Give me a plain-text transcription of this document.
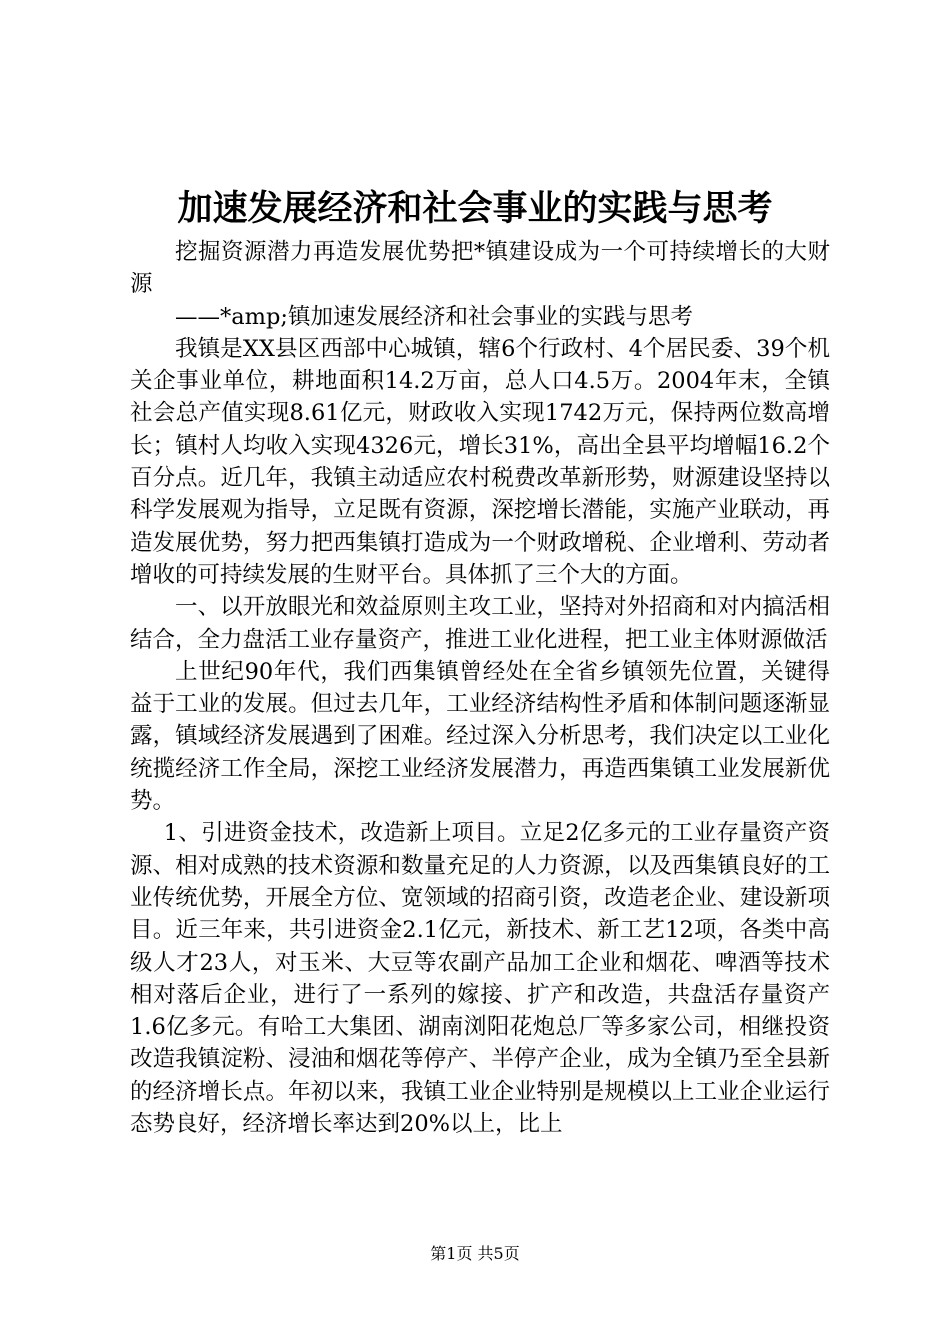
加速发展经济和社会事业的实践与思考

挖掘资源潜力再造发展优势把*镇建设成为一个可持续增长的大财源

——*amp;镇加速发展经济和社会事业的实践与思考

我镇是XX县区西部中心城镇，辖6个行政村、4个居民委、39个机关企事业单位，耕地面积14.2万亩，总人口4.5万。2004年末，全镇社会总产值实现8.61亿元，财政收入实现1742万元，保持两位数高增长；镇村人均收入实现4326元，增长31%，高出全县平均增幅16.2个百分点。近几年，我镇主动适应农村税费改革新形势，财源建设坚持以科学发展观为指导，立足既有资源，深挖增长潜能，实施产业联动，再造发展优势，努力把西集镇打造成为一个财政增税、企业增利、劳动者增收的可持续发展的生财平台。具体抓了三个大的方面。

一、以开放眼光和效益原则主攻工业，坚持对外招商和对内搞活相结合，全力盘活工业存量资产，推进工业化进程，把工业主体财源做活

上世纪90年代，我们西集镇曾经处在全省乡镇领先位置，关键得益于工业的发展。但过去几年，工业经济结构性矛盾和体制问题逐渐显露，镇域经济发展遇到了困难。经过深入分析思考，我们决定以工业化统揽经济工作全局，深挖工业经济发展潜力，再造西集镇工业发展新优势。

1、引进资金技术，改造新上项目。立足2亿多元的工业存量资产资源、相对成熟的技术资源和数量充足的人力资源，以及西集镇良好的工业传统优势，开展全方位、宽领域的招商引资，改造老企业、建设新项目。近三年来，共引进资金2.1亿元，新技术、新工艺12项，各类中高级人才23人，对玉米、大豆等农副产品加工企业和烟花、啤酒等技术相对落后企业，进行了一系列的嫁接、扩产和改造，共盘活存量资产1.6亿多元。有哈工大集团、湖南浏阳花炮总厂等多家公司，相继投资改造我镇淀粉、浸油和烟花等停产、半停产企业，成为全镇乃至全县新的经济增长点。年初以来，我镇工业企业特别是规模以上工业企业运行态势良好，经济增长率达到20%以上，比上

第1页 共5页
